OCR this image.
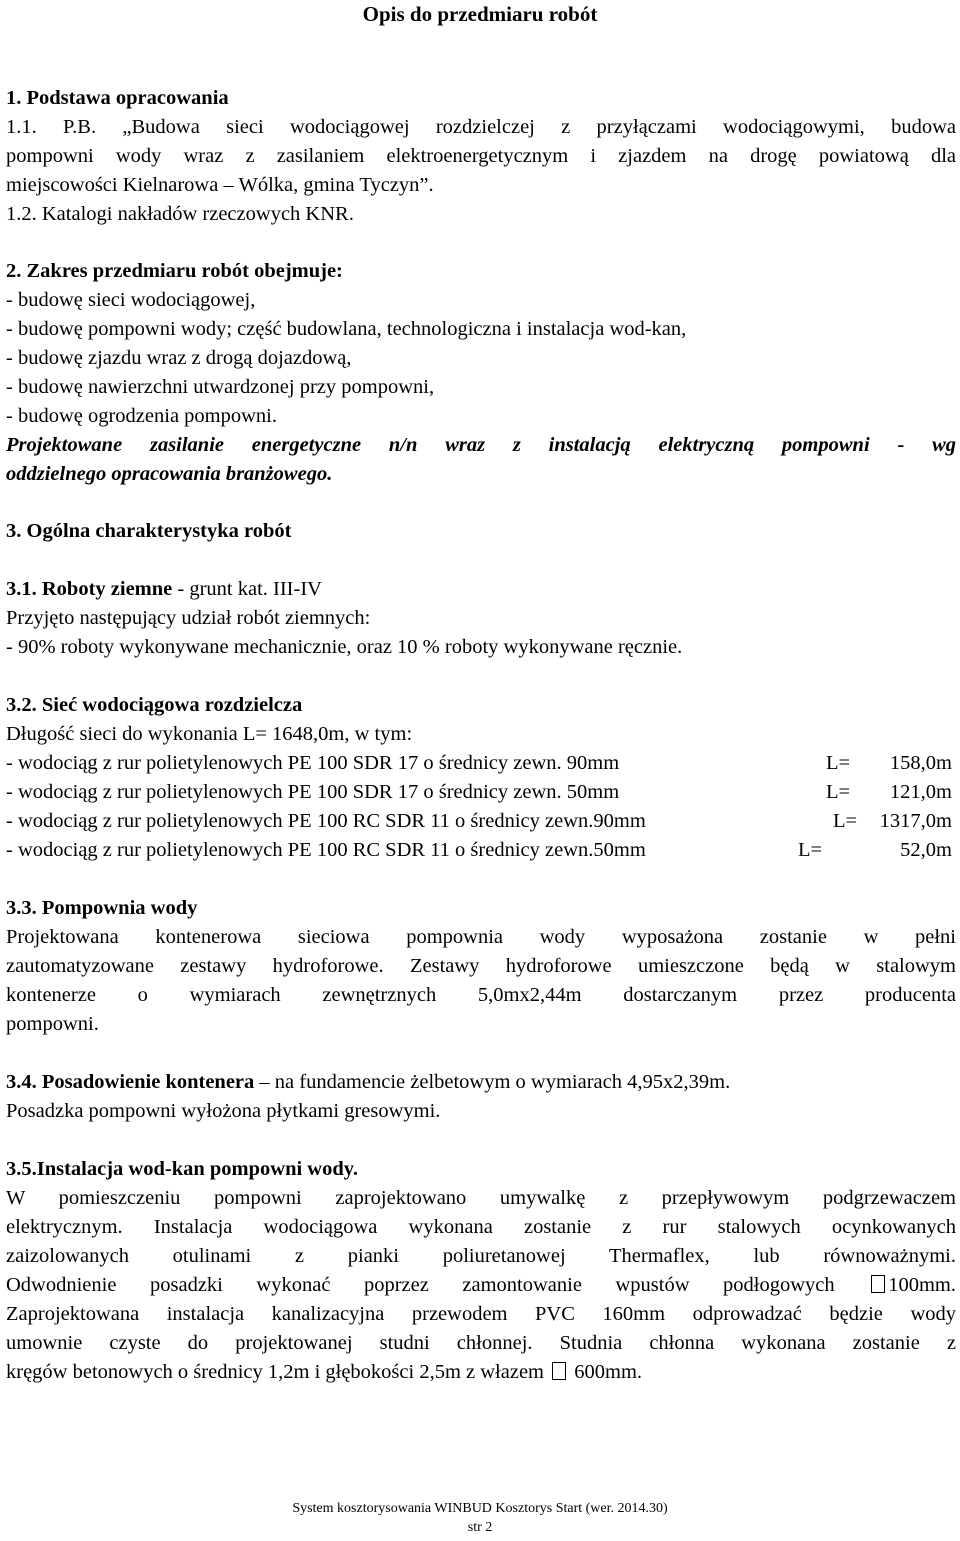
Opis do przedmiaru robót
1. Podstawa opracowania
1.1. P.B. „Budowa sieci wodociągowej rozdzielczej z przyłączami wodociągowymi, budowa
pompowni wody wraz z zasilaniem elektroenergetycznym i zjazdem na drogę powiatową dla
miejscowości Kielnarowa – Wólka, gmina Tyczyn”.
1.2. Katalogi nakładów rzeczowych KNR.
2. Zakres przedmiaru robót obejmuje:
- budowę sieci wodociągowej,
- budowę pompowni wody; część budowlana, technologiczna i instalacja wod-kan,
- budowę zjazdu wraz z drogą dojazdową,
- budowę nawierzchni utwardzonej przy pompowni,
- budowę ogrodzenia pompowni.
Projektowane zasilanie energetyczne n/n wraz z instalacją elektryczną pompowni - wg
oddzielnego opracowania branżowego.
3. Ogólna charakterystyka robót
3.1. Roboty ziemne - grunt kat. III-IV
Przyjęto następujący udział robót ziemnych:
- 90% roboty wykonywane mechanicznie, oraz 10 % roboty wykonywane ręcznie.
3.2. Sieć wodociągowa rozdzielcza
Długość sieci do wykonania L= 1648,0m, w tym:
- wodociąg z rur polietylenowych PE 100 SDR 17 o średnicy zewn. 90mm	L= 158,0m
- wodociąg z rur polietylenowych PE 100 SDR 17 o średnicy zewn. 50mm	L= 121,0m
- wodociąg z rur polietylenowych PE 100 RC SDR 11 o średnicy zewn.90mm	L= 1317,0m
- wodociąg z rur polietylenowych PE 100 RC SDR 11 o średnicy zewn.50mm	L=	52,0m
3.3. Pompownia wody
Projektowana kontenerowa sieciowa pompownia wody wyposażona zostanie w pełni
zautomatyzowane zestawy hydroforowe. Zestawy hydroforowe umieszczone będą w stalowym
kontenerze o wymiarach zewnętrznych 5,0mx2,44m dostarczanym przez producenta
pompowni.
3.4. Posadowienie kontenera – na fundamencie żelbetowym o wymiarach 4,95x2,39m.
Posadzka pompowni wyłożona płytkami gresowymi.
3.5.Instalacja wod-kan pompowni wody.
W pomieszczeniu pompowni zaprojektowano umywalkę z przepływowym podgrzewaczem
elektrycznym. Instalacja wodociągowa wykonana zostanie z rur stalowych ocynkowanych
zaizolowanych otulinami z pianki poliuretanowej Thermaflex, lub równoważnymi.
Odwodnienie posadzki wykonać poprzez zamontowanie wpustów podłogowych	100mm.
Zaprojektowana instalacja kanalizacyjna przewodem PVC 160mm odprowadzać będzie wody
umownie czyste do projektowanej studni chłonnej. Studnia chłonna wykonana zostanie z
kręgów betonowych o średnicy 1,2m i głębokości 2,5m z włazem 600mm.
System kosztorysowania WINBUD Kosztorys Start (wer. 2014.30)
str 2
